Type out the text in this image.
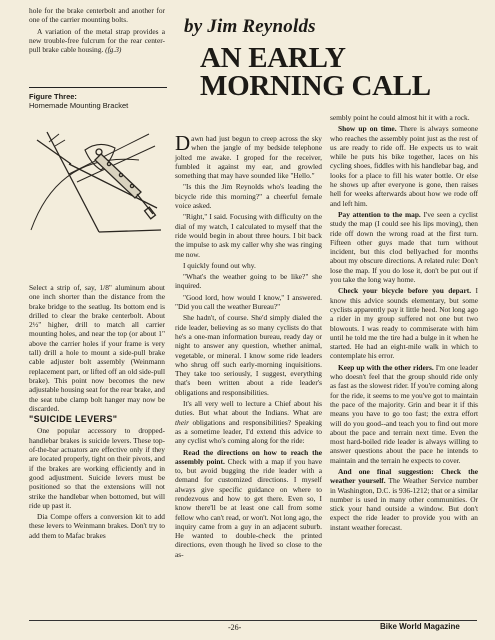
hole for the brake centerbolt and another for one of the carrier mounting bolts.

A variation of the metal strap provides a new trouble-free fulcrum for the rear center-pull brake cable housing. (fg.3)

Figure Three:
Homemade Mounting Bracket

Select a strip of, say, 1/8" aluminum about one inch shorter than the distance from the brake bridge to the seatlug. Its bottom end is drilled to clear the brake centerbolt. About 2½" higher, drill to match all carrier mounting holes, and near the top (or about 1" above the carrier holes if your frame is very tall) drill a hole to mount a side-pull brake cable adjuster bolt assembly (Weinmann replacement part, or lifted off an old side-pull brake). This point now becomes the new adjustable housing seat for the rear brake, and the seat tube clamp bolt hanger may now be discarded.

"SUICIDE LEVERS"

One popular accessory to dropped-handlebar brakes is suicide levers. These top-of-the-bar actuators are effective only if they are located properly, tight on their pivots, and if the brakes are working efficiently and in good adjustment. Suicide levers must be positioned so that the extensions will not strike the handlebar when bottomed, but will ride up past it.

Dia Compe offers a conversion kit to add these levers to Weinmann brakes. Don't try to add them to Mafac brakes

by Jim Reynolds
AN EARLY
MORNING CALL

Dawn had just begun to creep across the sky when the jangle of my bedside telephone jolted me awake. I groped for the receiver, fumbled it against my ear, and growled something that may have sounded like "Hello."

"Is this the Jim Reynolds who's leading the bicycle ride this morning?" a cheerful female voice asked.

"Right," I said. Focusing with difficulty on the dial of my watch, I calculated to myself that the ride would begin in about three hours. I bit back the impulse to ask my caller why she was ringing me now.

I quickly found out why.

"What's the weather going to be like?" she inquired.

"Good lord, how would I know," I answered. "Did you call the weather Bureau?"

She hadn't, of course. She'd simply dialed the ride leader, believing as so many cyclists do that he's a one-man information bureau, ready day or night to answer any question, whether animal, vegetable, or mineral. I know some ride leaders who shrug off such early-morning inquisitions. They take too seriously, I suggest, everything that's been written about a ride leader's obligations and responsibilities.

It's all very well to lecture a Chief about his duties. But what about the Indians. What are their obligations and responsibilities? Speaking as a sometime leader, I'd extend this advice to any cyclist who's coming along for the ride:

Read the directions on how to reach the assembly point. Check with a map if you have to, but avoid bugging the ride leader with a demand for customized directions. I myself always give specific guidance on where to rendezvous and how to get there. Even so, I know there'll be at least one call from some fellow who can't read, or won't. Not long ago, the inquiry came from a guy in an adjacent suburb. He wanted to double-check the printed directions, even though he lived so close to the as-

sembly point he could almost hit it with a rock.

Show up on time. There is always someone who reaches the assembly point just as the rest of us are ready to ride off. He expects us to wait while he puts his bike together, laces on his cycling shoes, fiddles with his handlebar bag, and looks for a place to fill his water bottle. Or else he shows up after everyone is gone, then raises hell for weeks afterwards about how we rode off and left him.

Pay attention to the map. I've seen a cyclist study the map (I could see his lips moving), then ride off down the wrong road at the first turn. Fifteen other guys made that turn without incident, but this clod bellyached for months about my obscure directions. A related rule: Don't lose the map. If you do lose it, don't be put out if you take the long way home.

Check your bicycle before you depart. I know this advice sounds elementary, but some cyclists apparently pay it little heed. Not long ago a rider in my group suffered not one but two blowouts. I was ready to commiserate with him until he told me the tire had a bulge in it when he started. He had an eight-mile walk in which to contemplate his error.

Keep up with the other riders. I'm one leader who doesn't feel that the group should ride only as fast as the slowest rider. If you're coming along for the ride, it seems to me you've got to maintain the pace of the majority. Grin and bear it if this means you have to go too fast; the extra effort will do you good--and teach you to find out more about the pace and terrain next time. Even the most hard-boiled ride leader is always willing to answer questions about the pace he intends to maintain and the terrain he expects to cover.

And one final suggestion: Check the weather yourself. The Weather Service number in Washington, D.C. is 936-1212; that or a similar number is used in many other communities. Or stick your hand outside a window. But don't expect the ride leader to provide you with an instant weather forecast.

-26-	Bike World Magazine
